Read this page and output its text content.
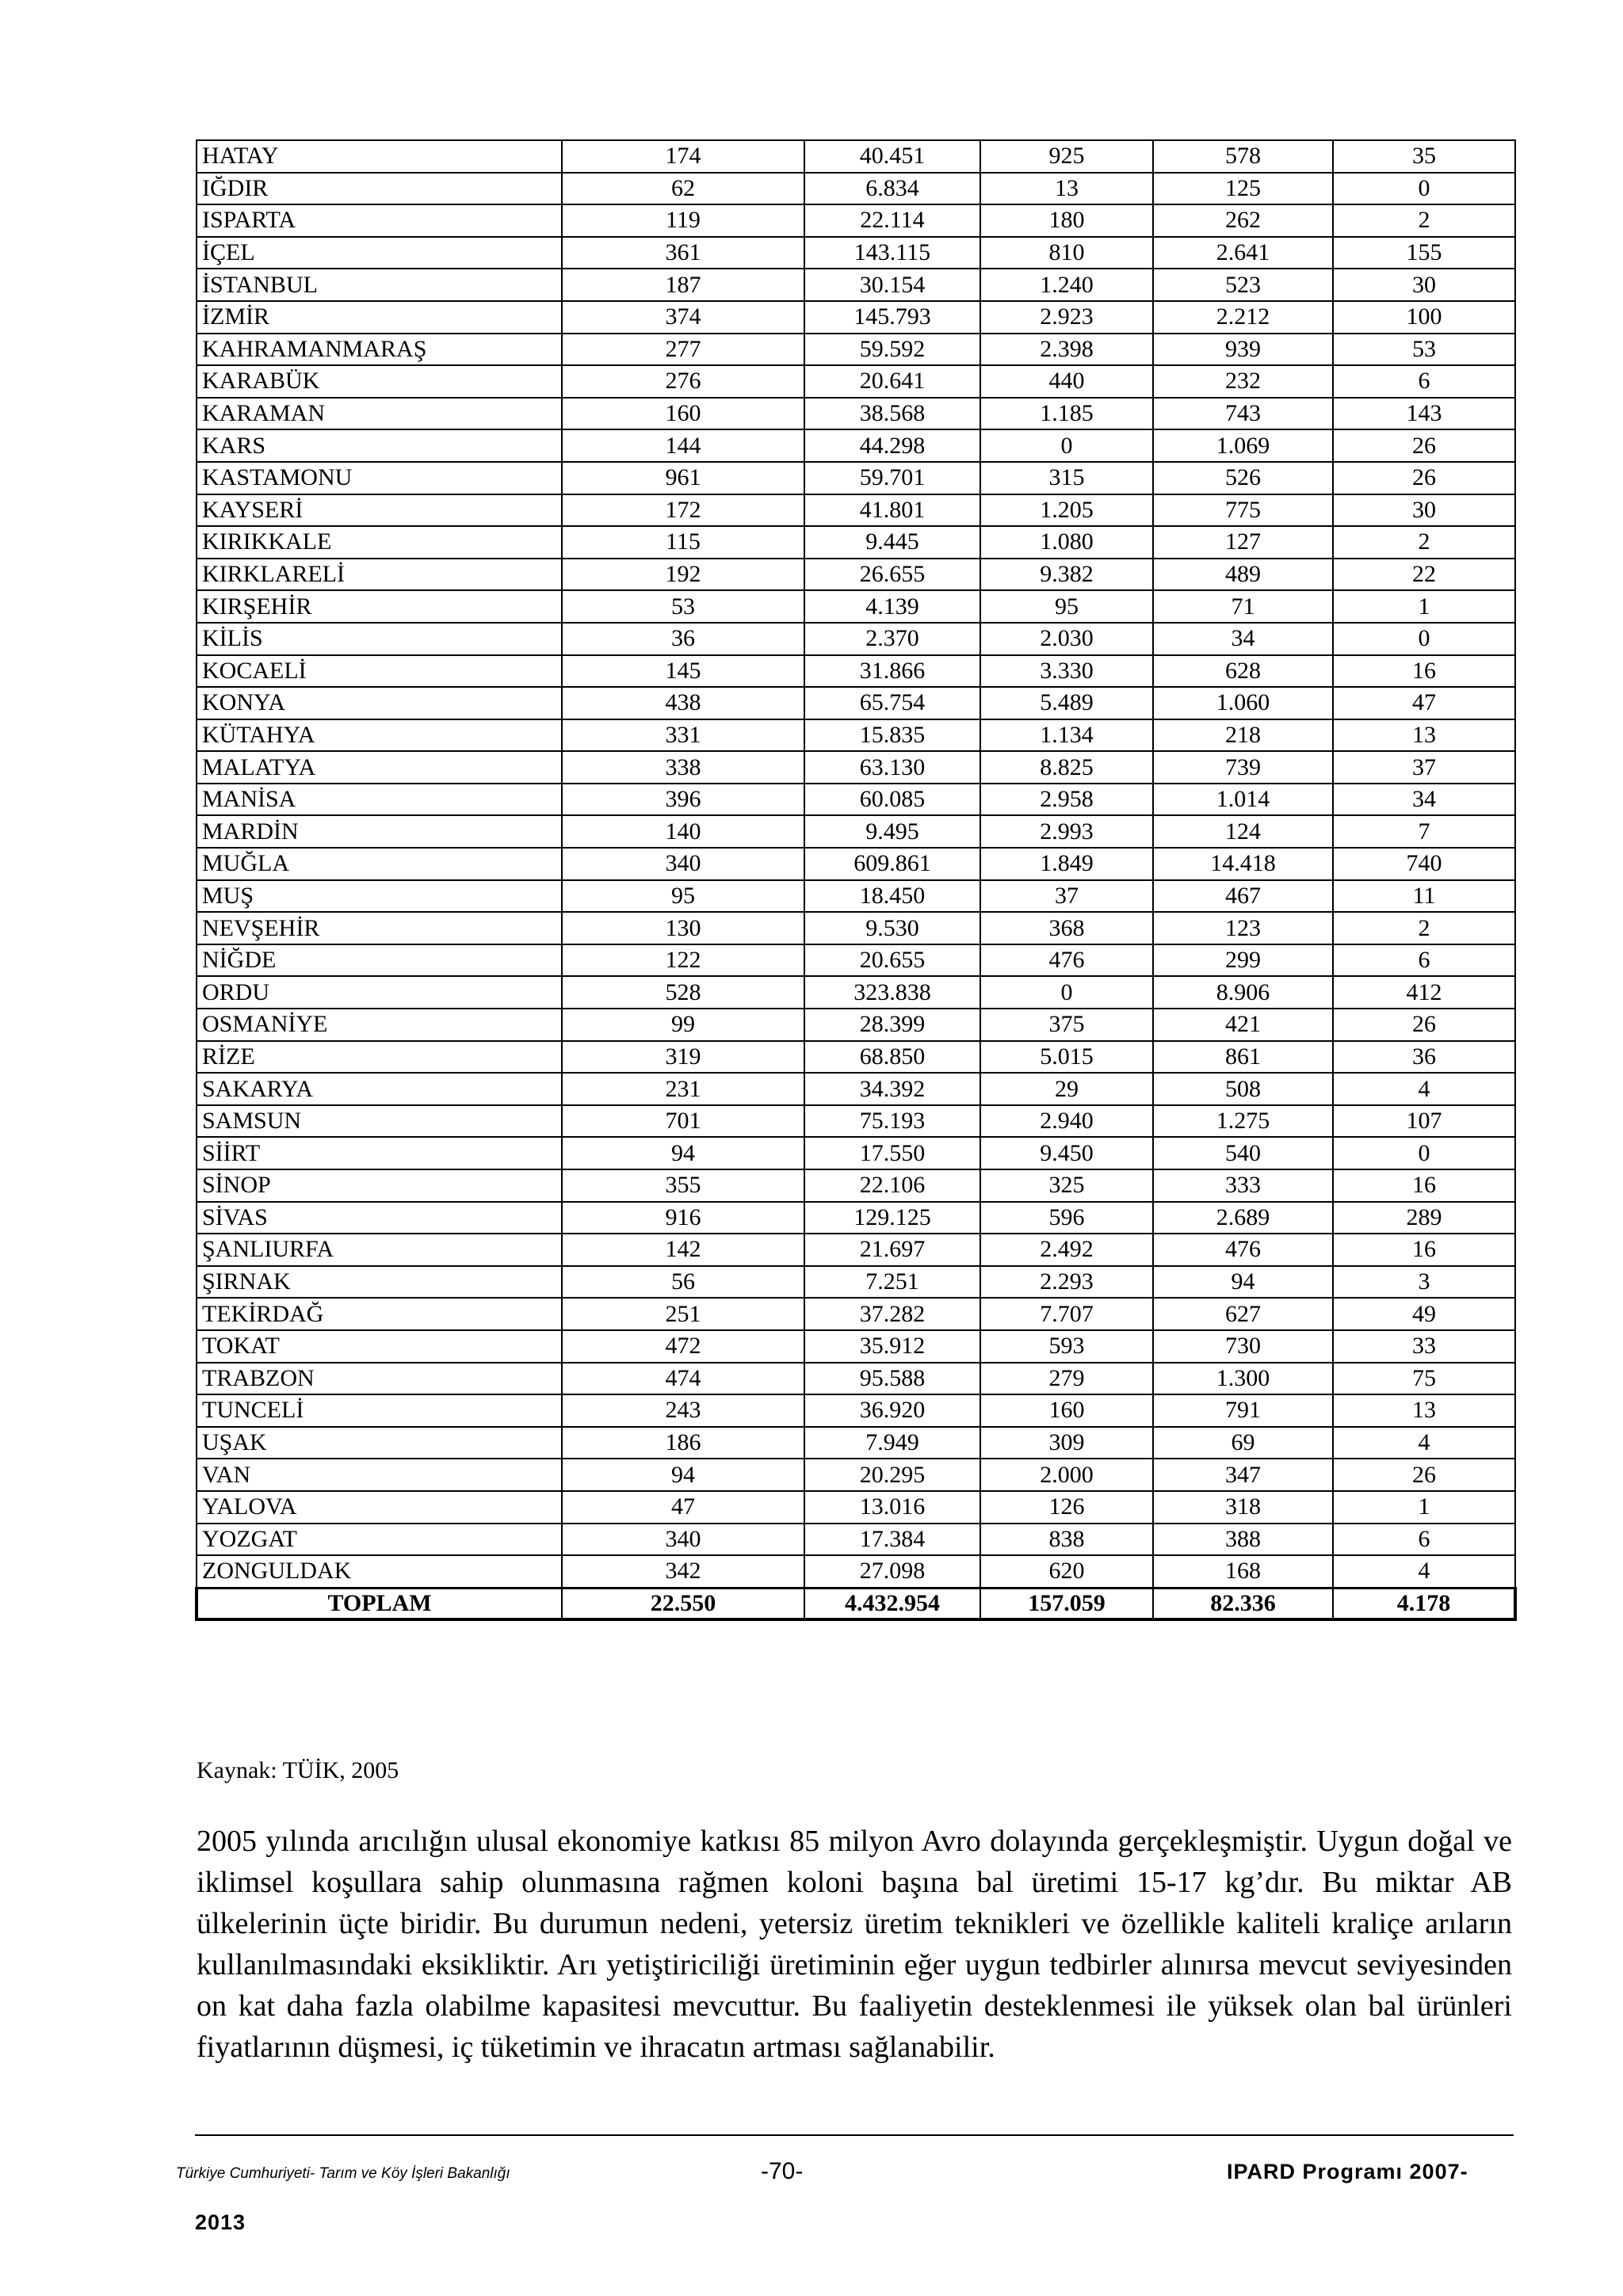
HATAY	174	40.451	925	578	35
IĞDIR	62	6.834	13	125	0
ISPARTA	119	22.114	180	262	2
İÇEL	361	143.115	810	2.641	155
İSTANBUL	187	30.154	1.240	523	30
İZMİR	374	145.793	2.923	2.212	100
KAHRAMANMARAŞ	277	59.592	2.398	939	53
KARABÜK	276	20.641	440	232	6
KARAMAN	160	38.568	1.185	743	143
KARS	144	44.298	0	1.069	26
KASTAMONU	961	59.701	315	526	26
KAYSERİ	172	41.801	1.205	775	30
KIRIKKALE	115	9.445	1.080	127	2
KIRKLARELİ	192	26.655	9.382	489	22
KIRŞEHİR	53	4.139	95	71	1
KİLİS	36	2.370	2.030	34	0
KOCAELİ	145	31.866	3.330	628	16
KONYA	438	65.754	5.489	1.060	47
KÜTAHYA	331	15.835	1.134	218	13
MALATYA	338	63.130	8.825	739	37
MANİSA	396	60.085	2.958	1.014	34
MARDİN	140	9.495	2.993	124	7
MUĞLA	340	609.861	1.849	14.418	740
MUŞ	95	18.450	37	467	11
NEVŞEHİR	130	9.530	368	123	2
NİĞDE	122	20.655	476	299	6
ORDU	528	323.838	0	8.906	412
OSMANİYE	99	28.399	375	421	26
RİZE	319	68.850	5.015	861	36
SAKARYA	231	34.392	29	508	4
SAMSUN	701	75.193	2.940	1.275	107
SİİRT	94	17.550	9.450	540	0
SİNOP	355	22.106	325	333	16
SİVAS	916	129.125	596	2.689	289
ŞANLIURFA	142	21.697	2.492	476	16
ŞIRNAK	56	7.251	2.293	94	3
TEKİRDAĞ	251	37.282	7.707	627	49
TOKAT	472	35.912	593	730	33
TRABZON	474	95.588	279	1.300	75
TUNCELİ	243	36.920	160	791	13
UŞAK	186	7.949	309	69	4
VAN	94	20.295	2.000	347	26
YALOVA	47	13.016	126	318	1
YOZGAT	340	17.384	838	388	6
ZONGULDAK	342	27.098	620	168	4
TOPLAM	22.550	4.432.954	157.059	82.336	4.178
Kaynak: TÜİK, 2005

2005 yılında arıcılığın ulusal ekonomiye katkısı 85 milyon Avro dolayında gerçekleşmiştir. Uygun doğal ve iklimsel koşullara sahip olunmasına rağmen koloni başına bal üretimi 15-17 kg’dır. Bu miktar AB ülkelerinin üçte biridir. Bu durumun nedeni, yetersiz üretim teknikleri ve özellikle kaliteli kraliçe arıların kullanılmasındaki eksikliktir. Arı yetiştiriciliği üretiminin eğer uygun tedbirler alınırsa mevcut seviyesinden on kat daha fazla olabilme kapasitesi mevcuttur. Bu faaliyetin desteklenmesi ile yüksek olan bal ürünleri fiyatlarının düşmesi, iç tüketimin ve ihracatın artması sağlanabilir.

Türkiye Cumhuriyeti- Tarım ve Köy İşleri Bakanlığı	-70-	IPARD Programı 2007-
2013
